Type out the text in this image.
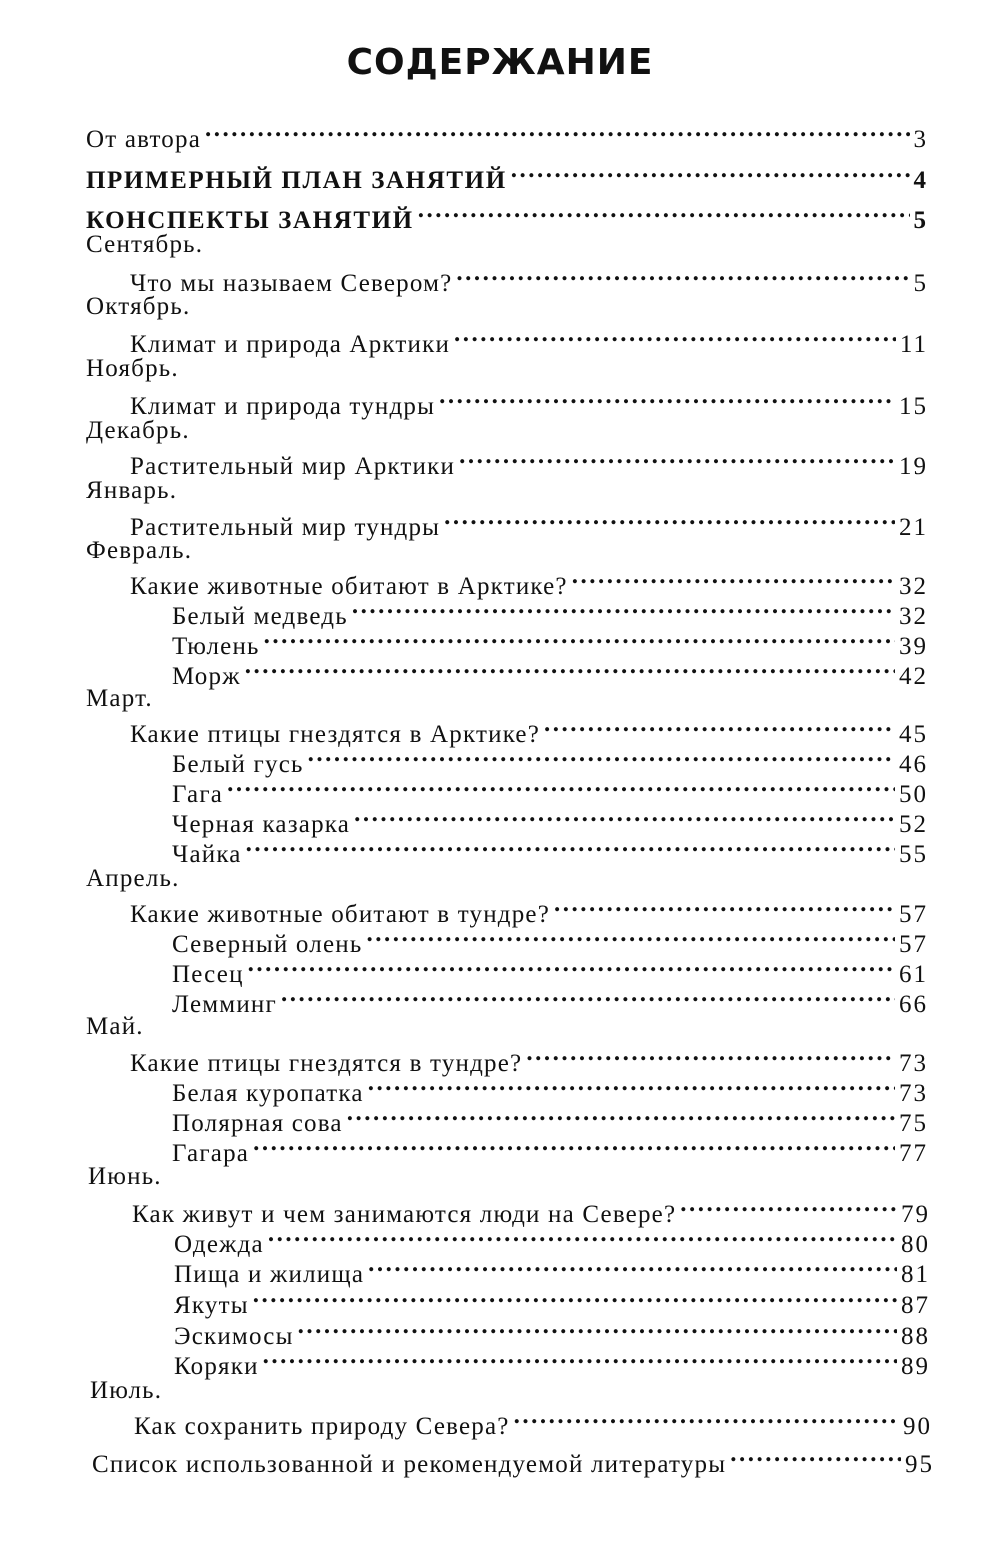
СОДЕРЖАНИЕ
От автора .....	3
ПРИМЕРНЫЙ ПЛАН ЗАНЯТИЙ .....	4
КОНСПЕКТЫ ЗАНЯТИЙ .....	5
Сентябрь.
Что мы называем Севером? .....	5
Октябрь.
Климат и природа Арктики .....	11
Ноябрь.
Климат и природа тундры .....	15
Декабрь.
Растительный мир Арктики .....	19
Январь.
Растительный мир тундры .....	21
Февраль.
Какие животные обитают в Арктике? .....	32
Белый медведь .....	32
Тюлень .....	39
Морж .....	42
Март.
Какие птицы гнездятся в Арктике? .....	45
Белый гусь .....	46
Гага .....	50
Черная казарка .....	52
Чайка .....	55
Апрель.
Какие животные обитают в тундре? .....	57
Северный олень .....	57
Песец .....	61
Лемминг .....	66
Май.
Какие птицы гнездятся в тундре? .....	73
Белая куропатка .....	73
Полярная сова .....	75
Гагара .....	77
Июнь.
Как живут и чем занимаются люди на Севере? .....	79
Одежда .....	80
Пища и жилища .....	81
Якуты .....	87
Эскимосы .....	88
Коряки .....	89
Июль.
Как сохранить природу Севера? .....	90
Список использованной и рекомендуемой литературы .....	95
